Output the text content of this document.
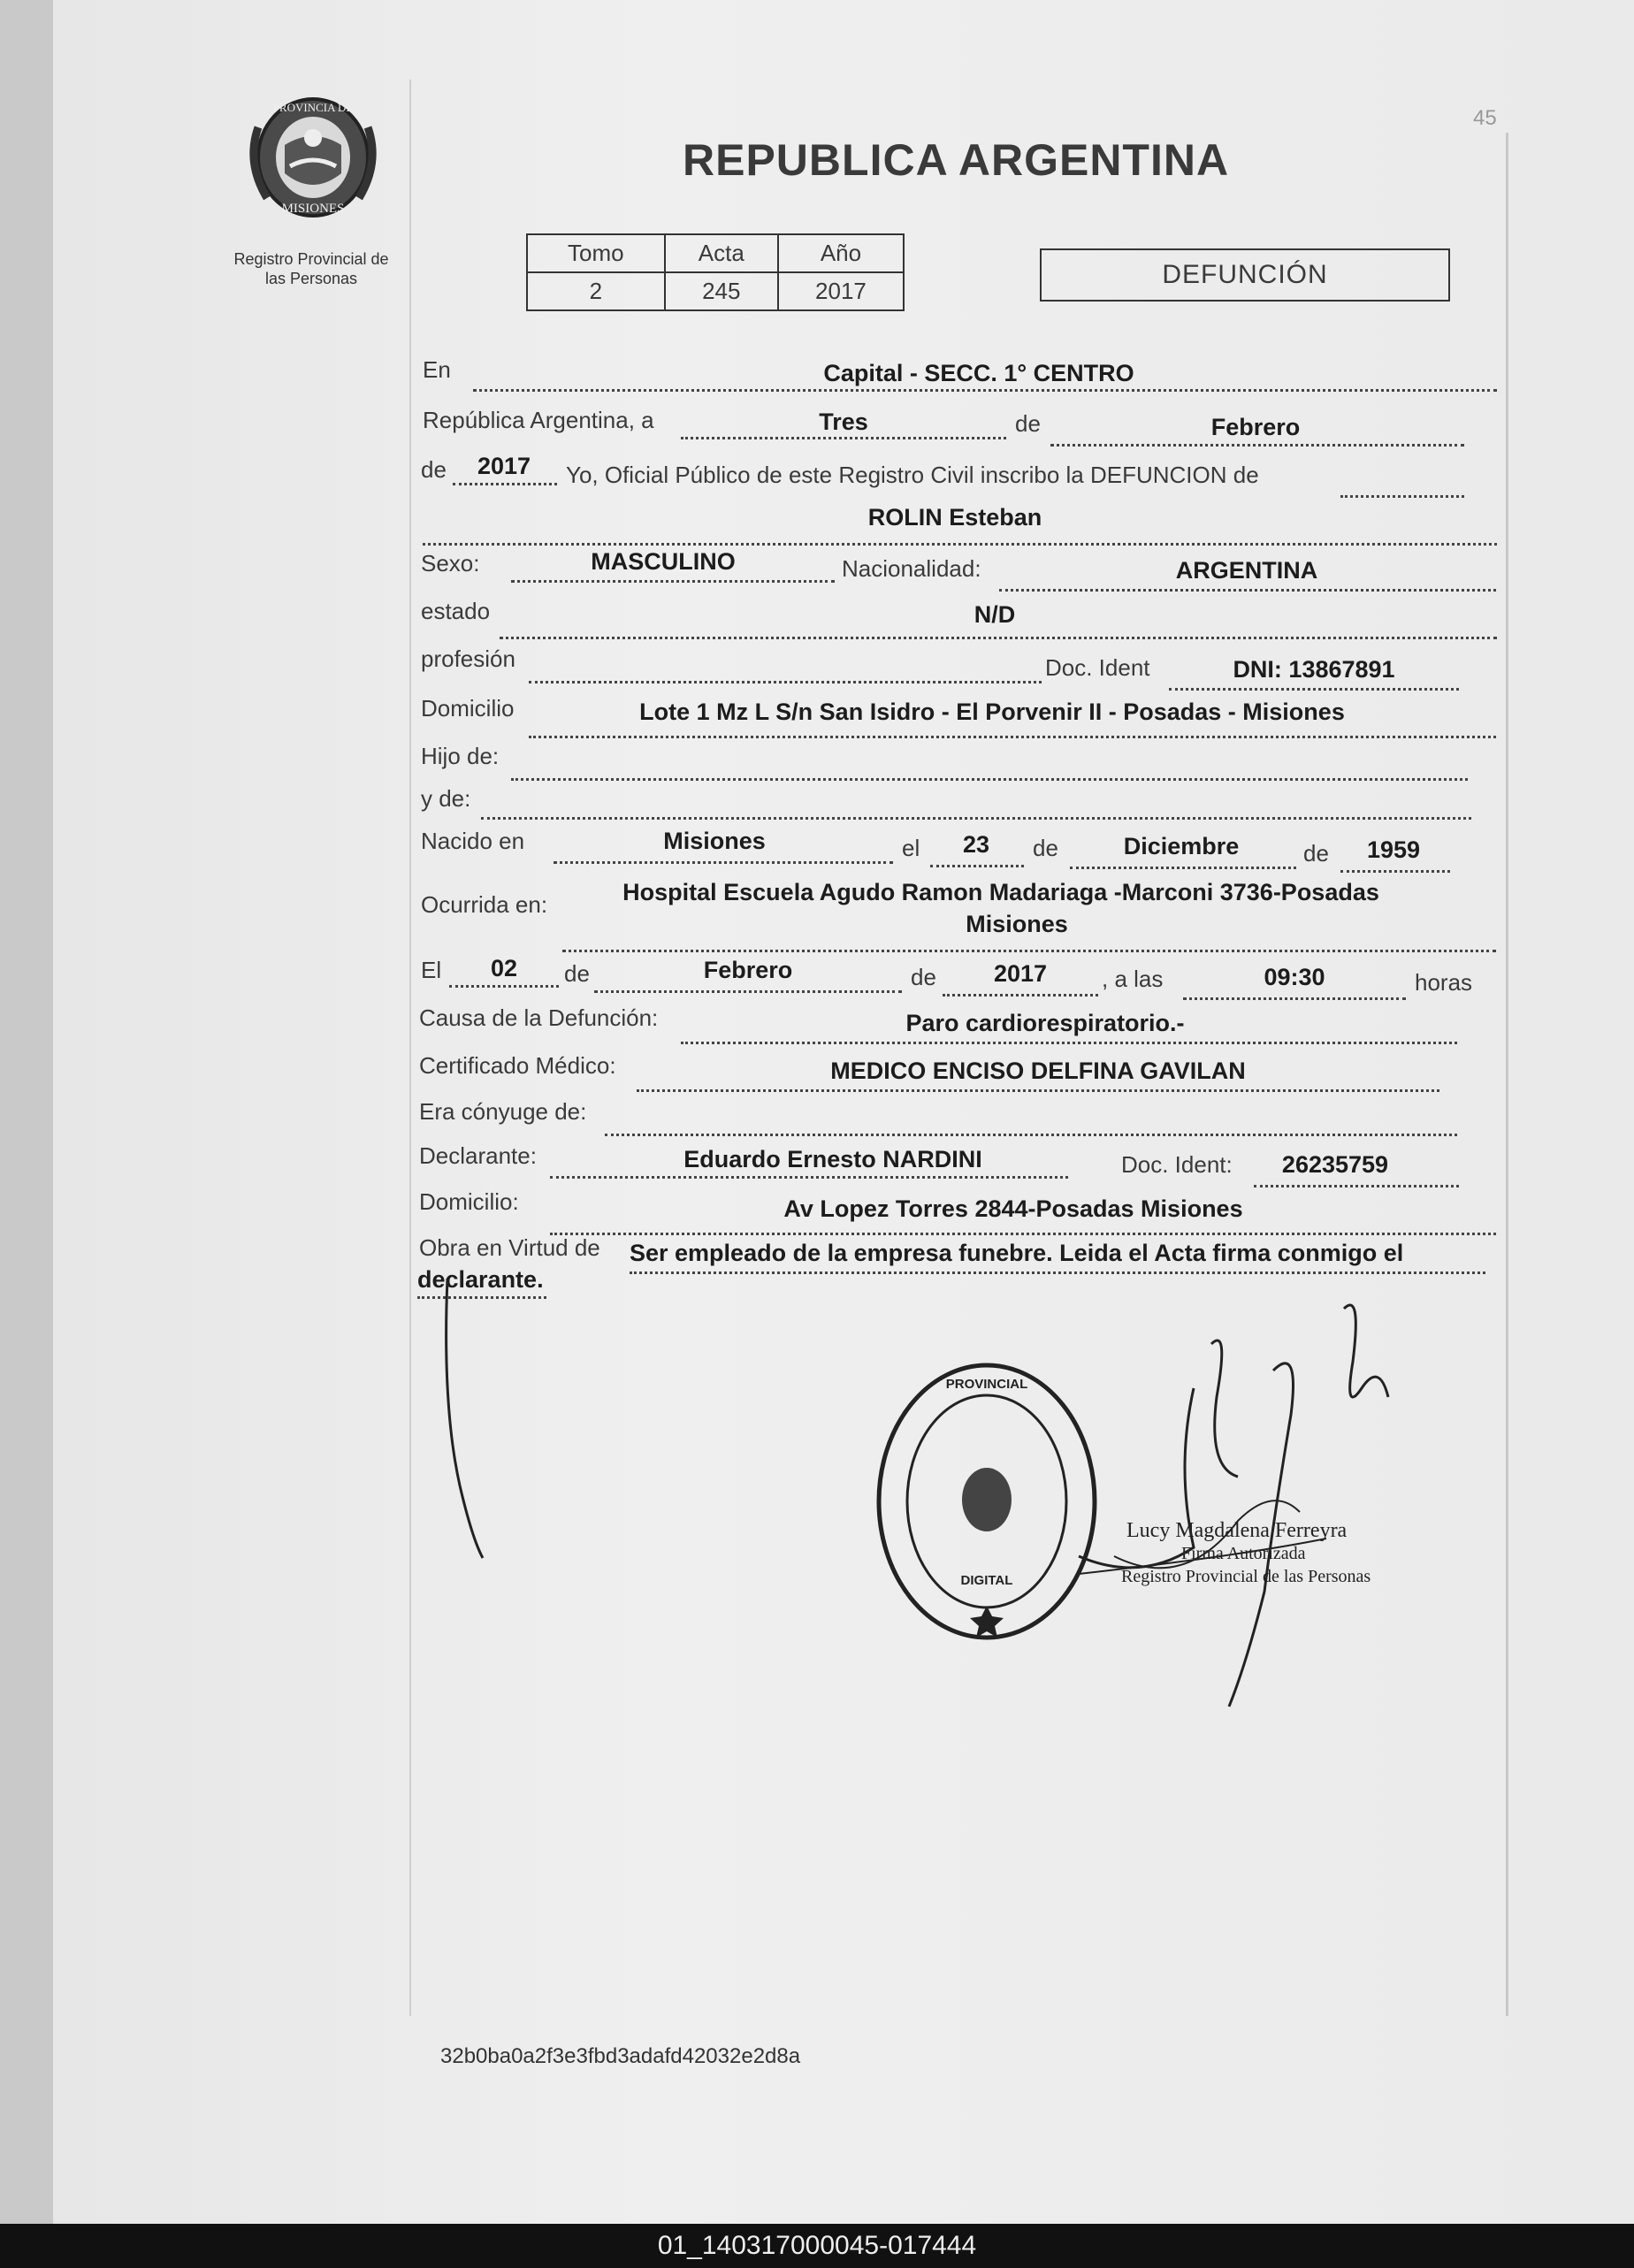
45
PROVINCIA DE
MISIONES
Registro Provincial de
las Personas
REPUBLICA ARGENTINA
Tomo	Acta	Año
2	245	2017
DEFUNCIÓN
En	Capital - SECC. 1° CENTRO
República Argentina, a	Tres	de	Febrero
de 2017 Yo, Oficial Público de este Registro Civil inscribo la DEFUNCION de
ROLIN Esteban
Sexo:	MASCULINO	Nacionalidad:	ARGENTINA
estado	N/D
profesión	Doc. Ident	DNI: 13867891
Domicilio	Lote 1 Mz L S/n San Isidro - El Porvenir II - Posadas - Misiones
Hijo de:
y de:
Nacido en	Misiones	el 23 de	Diciembre	de 1959
Ocurrida en:	Hospital Escuela Agudo Ramon Madariaga -Marconi 3736-Posadas
Misiones
El 02 de	Febrero	de 2017 , a las	09:30	horas
Causa de la Defunción:	Paro cardiorespiratorio.-
Certificado Médico:	MEDICO ENCISO DELFINA GAVILAN
Era cónyuge de:
Declarante:	Eduardo Ernesto NARDINI	Doc. Ident: 26235759
Domicilio:	Av Lopez Torres 2844-Posadas Misiones
Obra en Virtud de Ser empleado de la empresa funebre. Leida el Acta firma conmigo el
declarante.
PROVINCIAL
DIGITAL
Lucy Magdalena Ferreyra
Firma Autorizada
Registro Provincial de las Personas
32b0ba0a2f3e3fbd3adafd42032e2d8a
01_140317000045-017444
